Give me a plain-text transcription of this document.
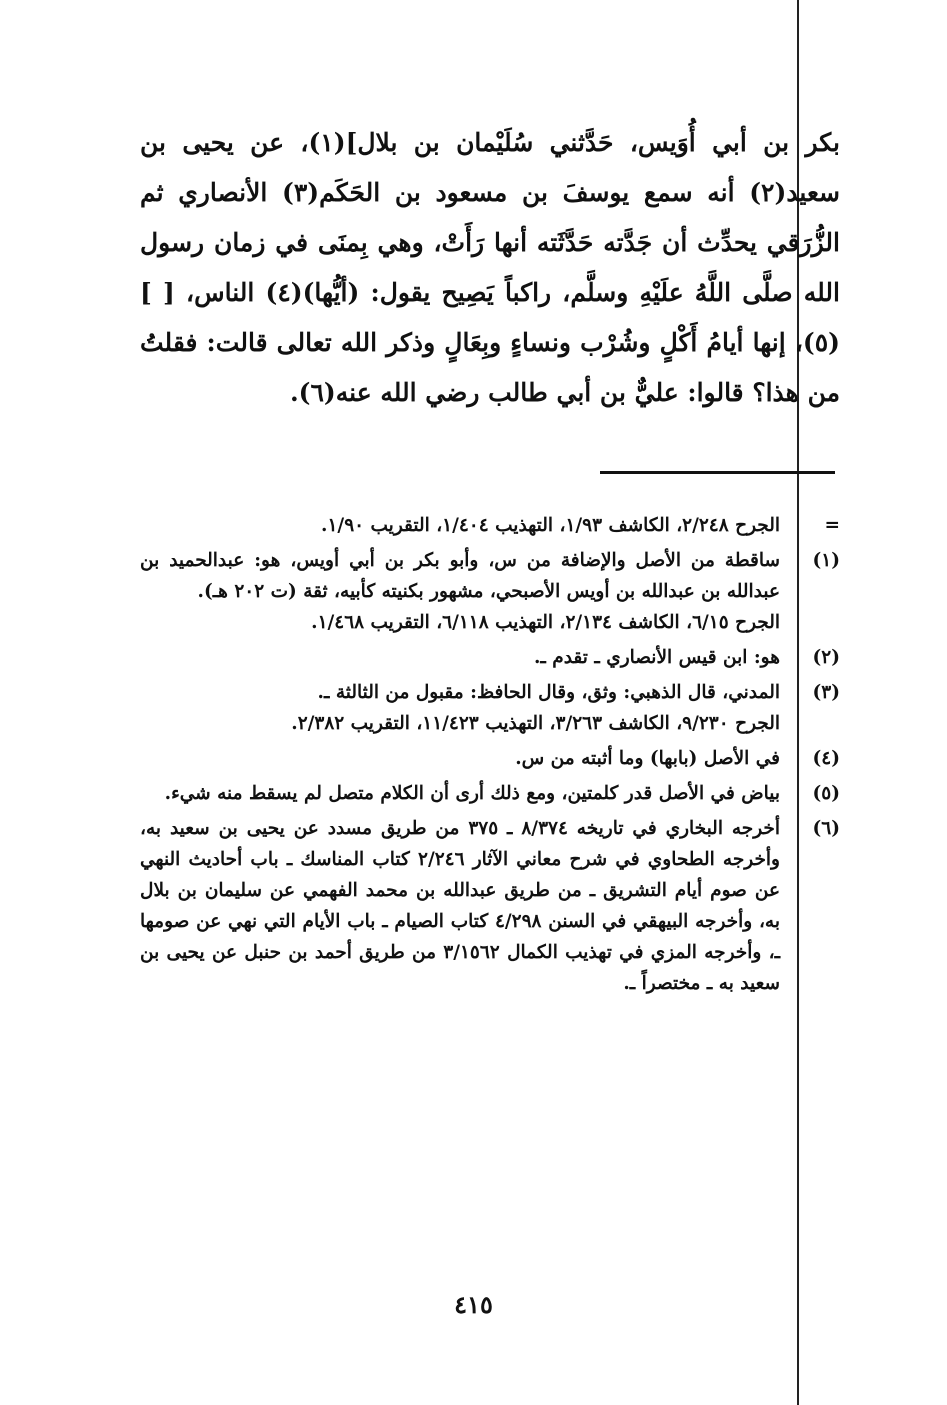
بكر بن أبي أُوَيس، حَدَّثني سُلَيْمان بن بلال](١)، عن يحيى بن سعيد(٢) أنه سمع يوسفَ بن مسعود بن الحَكَم(٣) الأنصاري ثم الزُّرَقي يحدِّث أن جَدَّته حَدَّثَته أنها رَأَتْ، وهي بِمنَى في زمان رسول الله صلَّى اللَّهُ علَيْهِ وسلَّم، راكباً يَصِيح يقول: (أيُّها)(٤) الناس، [ ](٥)، إنها أيامُ أَكْلٍ وشُرْب ونساءٍ وبِعَالٍ وذكر الله تعالى قالت: فقلتُ من هذا؟ قالوا: عليٌّ بن أبي طالب رضي الله عنه(٦).

=

الجرح ٢/٢٤٨، الكاشف ١/٩٣، التهذيب ١/٤٠٤، التقريب ١/٩٠.

(١)

ساقطة من الأصل والإضافة من س، وأبو بكر بن أبي أويس، هو: عبدالحميد بن عبدالله بن عبدالله بن أويس الأصبحي، مشهور بكنيته كأبيه، ثقة (ت ٢٠٢ هـ).

الجرح ٦/١٥، الكاشف ٢/١٣٤، التهذيب ٦/١١٨، التقريب ١/٤٦٨.

(٢)

هو: ابن قيس الأنصاري ـ تقدم ـ.

(٣)

المدني، قال الذهبي: وثق، وقال الحافظ: مقبول من الثالثة ـ.

الجرح ٩/٢٣٠، الكاشف ٣/٢٦٣، التهذيب ١١/٤٢٣، التقريب ٢/٣٨٢.

(٤)

في الأصل (بابها) وما أثبته من س.

(٥)

بياض في الأصل قدر كلمتين، ومع ذلك أرى أن الكلام متصل لم يسقط منه شيء.

(٦)

أخرجه البخاري في تاريخه ٨/٣٧٤ ـ ٣٧٥ من طريق مسدد عن يحيى بن سعيد به، وأخرجه الطحاوي في شرح معاني الآثار ٢/٢٤٦ كتاب المناسك ـ باب أحاديث النهي عن صوم أيام التشريق ـ من طريق عبدالله بن محمد الفهمي عن سليمان بن بلال به، وأخرجه البيهقي في السنن ٤/٢٩٨ كتاب الصيام ـ باب الأيام التي نهي عن صومها ـ، وأخرجه المزي في تهذيب الكمال ٣/١٥٦٢ من طريق أحمد بن حنبل عن يحيى بن سعيد به ـ مختصراً ـ.

٤١٥
